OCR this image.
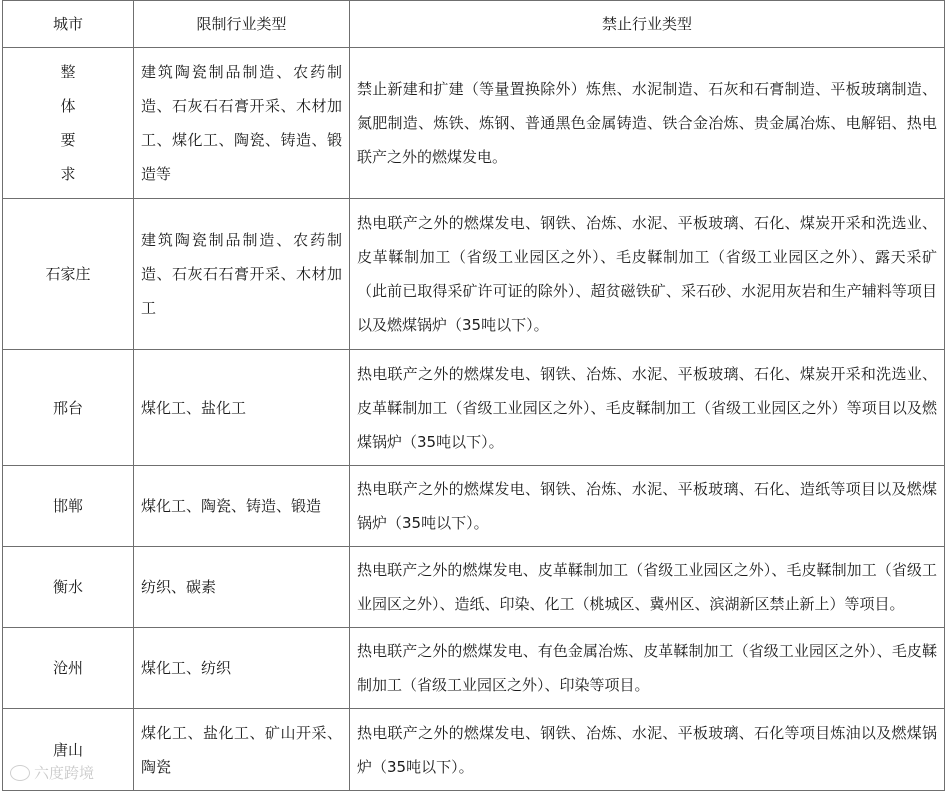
城市	限制行业类型	禁止行业类型

整体要求	建筑陶瓷制品制造、农药制造、石灰石石膏开采、木材加工、煤化工、陶瓷、铸造、锻造等	禁止新建和扩建（等量置换除外）炼焦、水泥制造、石灰和石膏制造、平板玻璃制造、氮肥制造、炼铁、炼钢、普通黑色金属铸造、铁合金冶炼、贵金属冶炼、电解铝、热电联产之外的燃煤发电。

石家庄	建筑陶瓷制品制造、农药制造、石灰石石膏开采、木材加工	热电联产之外的燃煤发电、钢铁、冶炼、水泥、平板玻璃、石化、煤炭开采和洗选业、皮革鞣制加工（省级工业园区之外）、毛皮鞣制加工（省级工业园区之外）、露天采矿（此前已取得采矿许可证的除外）、超贫磁铁矿、采石砂、水泥用灰岩和生产辅料等项目以及燃煤锅炉（35吨以下）。

邢台	煤化工、盐化工	热电联产之外的燃煤发电、钢铁、冶炼、水泥、平板玻璃、石化、煤炭开采和洗选业、皮革鞣制加工（省级工业园区之外）、毛皮鞣制加工（省级工业园区之外）等项目以及燃煤锅炉（35吨以下）。

邯郸	煤化工、陶瓷、铸造、锻造	热电联产之外的燃煤发电、钢铁、冶炼、水泥、平板玻璃、石化、造纸等项目以及燃煤锅炉（35吨以下）。

衡水	纺织、碳素	热电联产之外的燃煤发电、皮革鞣制加工（省级工业园区之外）、毛皮鞣制加工（省级工业园区之外）、造纸、印染、化工（桃城区、冀州区、滨湖新区禁止新上）等项目。

沧州	煤化工、纺织	热电联产之外的燃煤发电、有色金属冶炼、皮革鞣制加工（省级工业园区之外）、毛皮鞣制加工（省级工业园区之外）、印染等项目。

唐山	煤化工、盐化工、矿山开采、陶瓷	热电联产之外的燃煤发电、钢铁、冶炼、水泥、平板玻璃、石化等项目炼油以及燃煤锅炉（35吨以下）。
六度跨境
